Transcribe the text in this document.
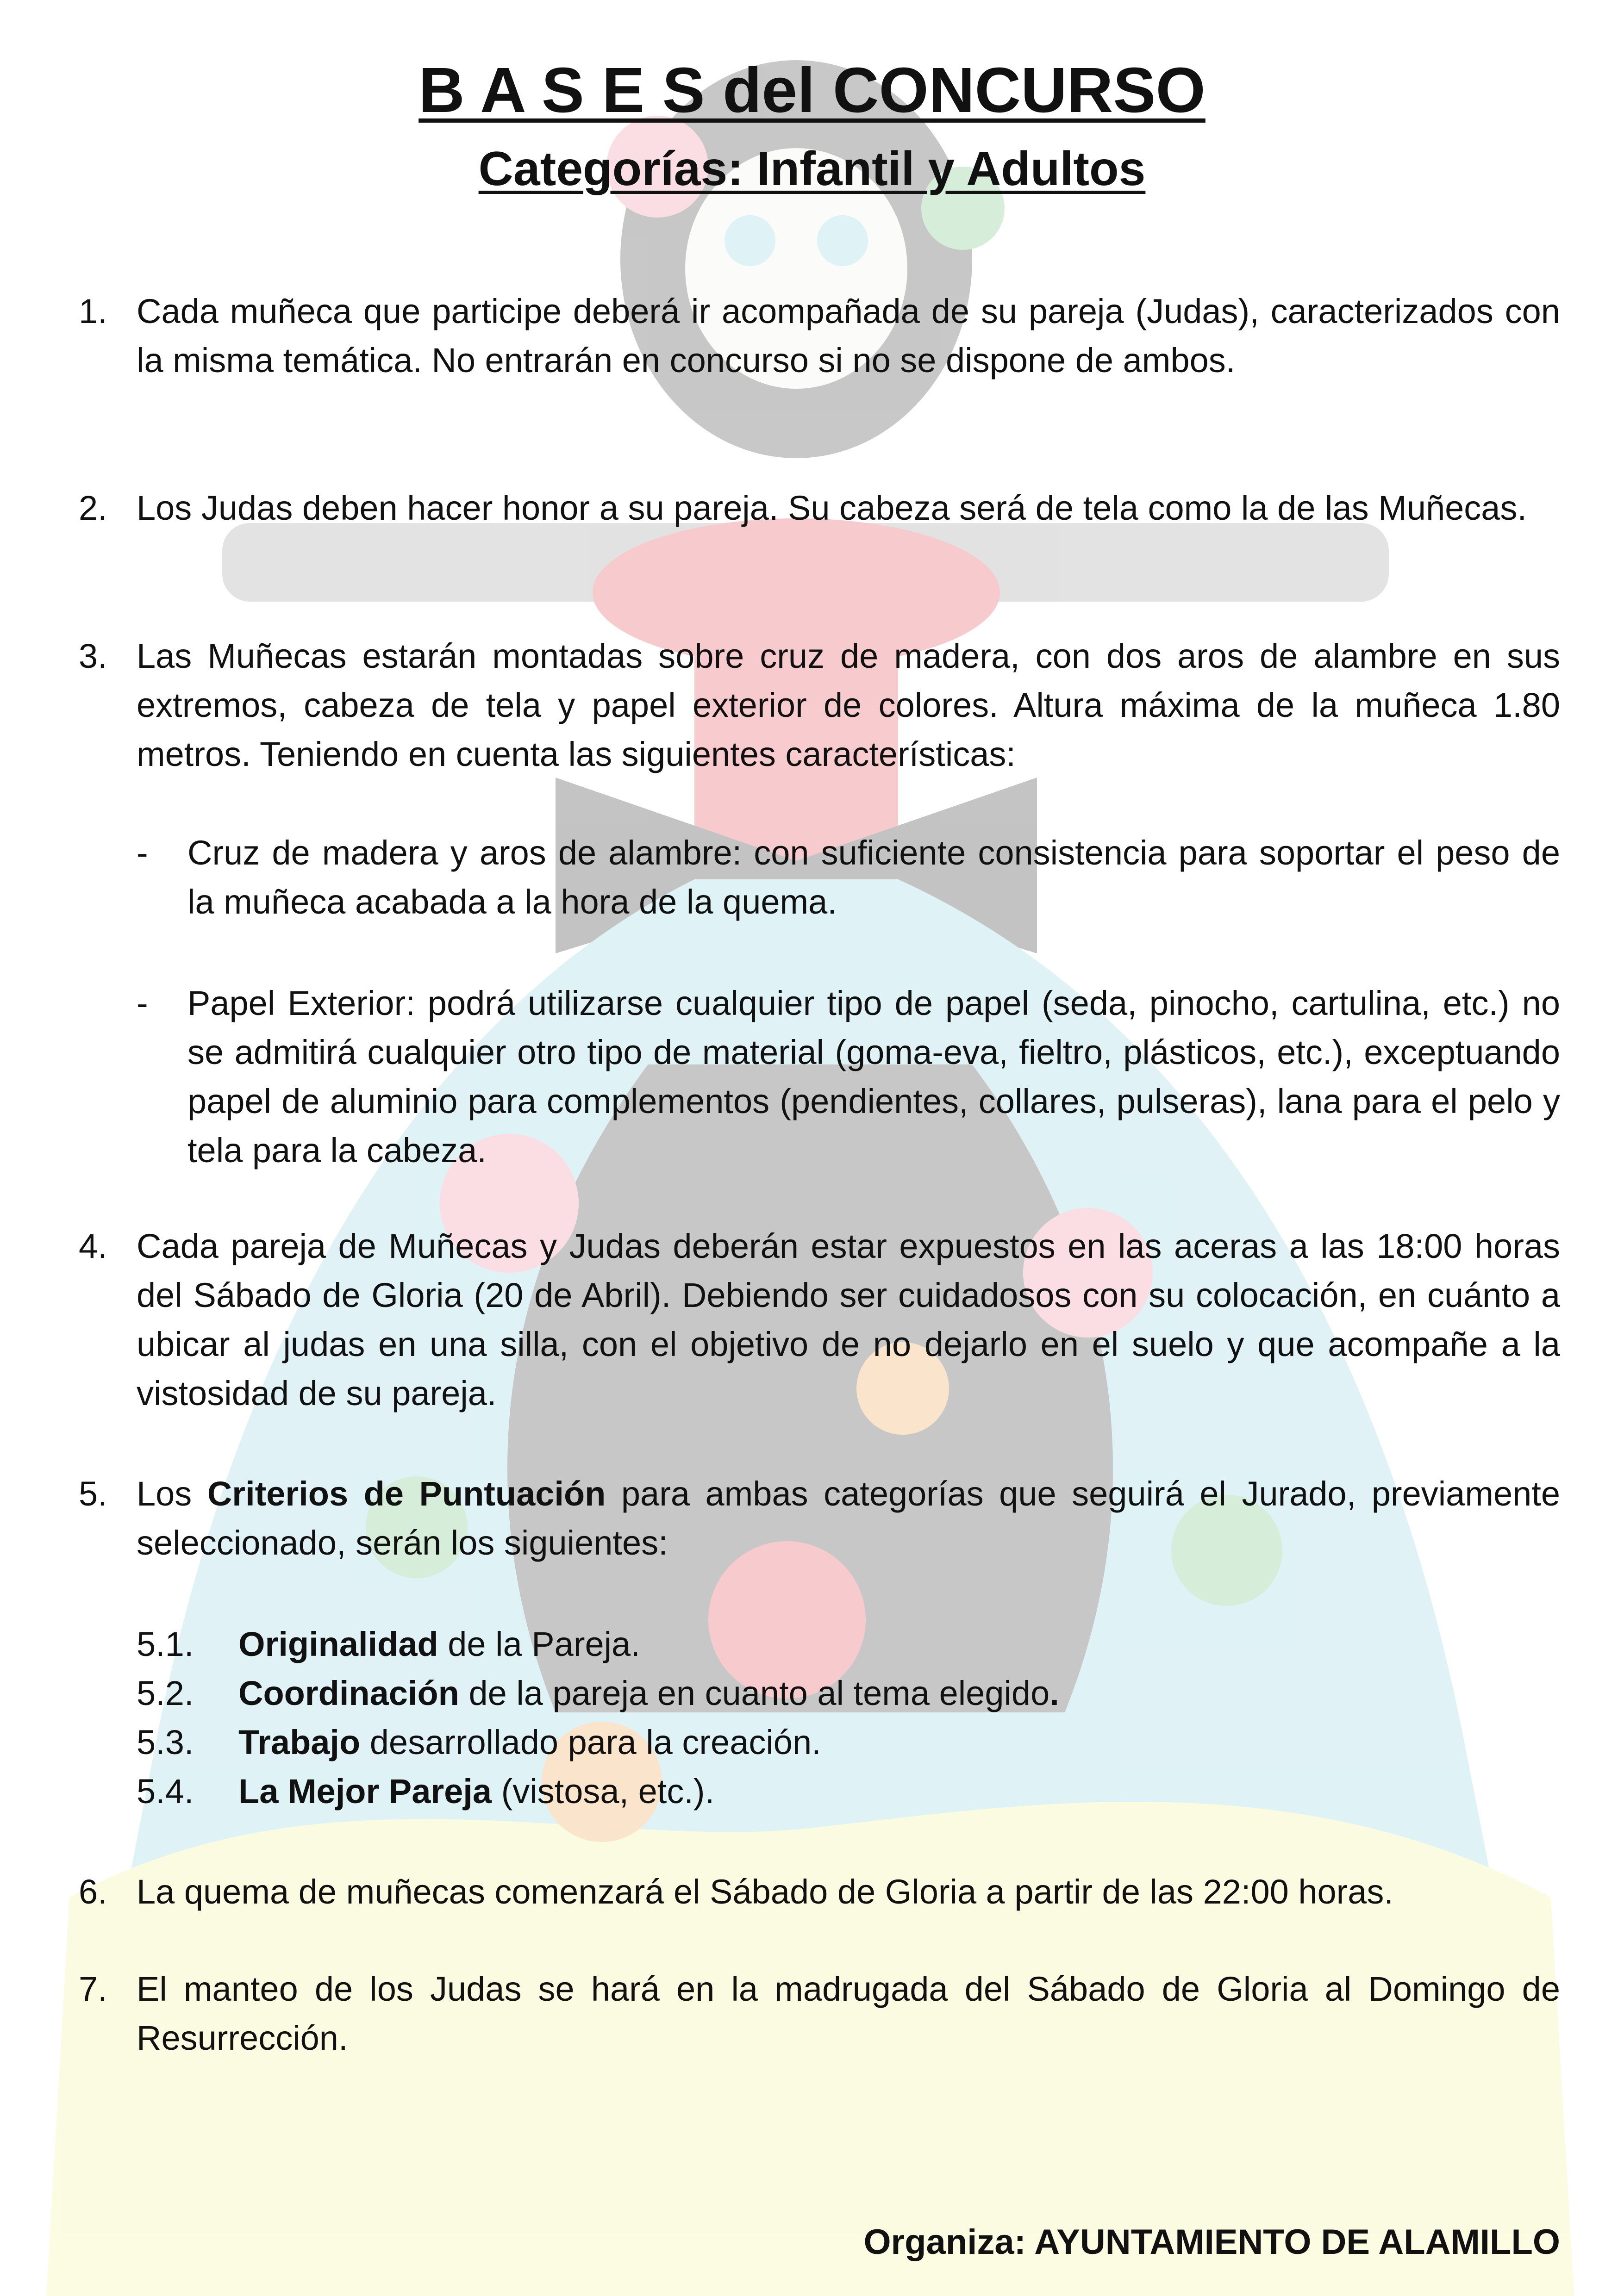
B A S E S del CONCURSO
Categorías: Infantil y Adultos
1. Cada muñeca que participe deberá ir acompañada de su pareja (Judas), caracterizados con la misma temática. No entrarán en concurso si no se dispone de ambos.
2. Los Judas deben hacer honor a su pareja. Su cabeza será de tela como la de las Muñecas.
3. Las Muñecas estarán montadas sobre cruz de madera, con dos aros de alambre en sus extremos, cabeza de tela y papel exterior de colores. Altura máxima de la muñeca 1.80 metros. Teniendo en cuenta las siguientes características:
- Cruz de madera y aros de alambre: con suficiente consistencia para soportar el peso de la muñeca acabada a la hora de la quema.
- Papel Exterior: podrá utilizarse cualquier tipo de papel (seda, pinocho, cartulina, etc.) no se admitirá cualquier otro tipo de material (goma-eva, fieltro, plásticos, etc.), exceptuando papel de aluminio para complementos (pendientes, collares, pulseras), lana para el pelo y tela para la cabeza.
4. Cada pareja de Muñecas y Judas deberán estar expuestos en las aceras a las 18:00 horas del Sábado de Gloria (20 de Abril). Debiendo ser cuidadosos con su colocación, en cuánto a ubicar al judas en una silla, con el objetivo de no dejarlo en el suelo y que acompañe a la vistosidad de su pareja.
5. Los Criterios de Puntuación para ambas categorías que seguirá el Jurado, previamente seleccionado, serán los siguientes:
5.1. Originalidad de la Pareja.
5.2. Coordinación de la pareja en cuanto al tema elegido.
5.3. Trabajo desarrollado para la creación.
5.4. La Mejor Pareja (vistosa, etc.).
6. La quema de muñecas comenzará el Sábado de Gloria a partir de las 22:00 horas.
7. El manteo de los Judas se hará en la madrugada del Sábado de Gloria al Domingo de Resurrección.
Organiza: AYUNTAMIENTO DE ALAMILLO
